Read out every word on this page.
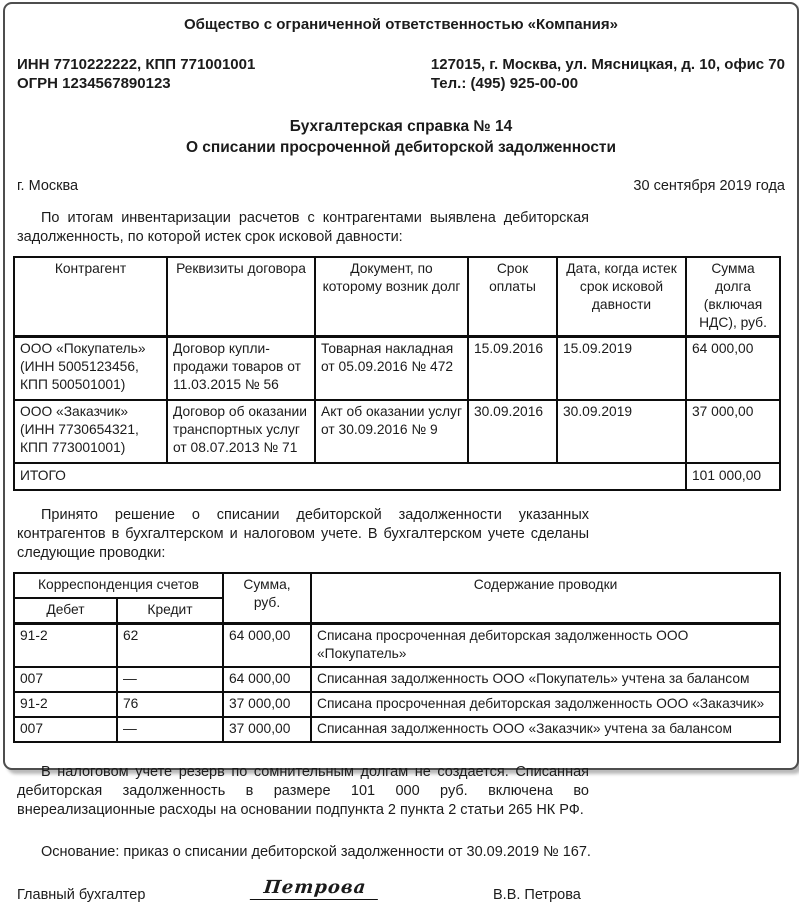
Общество с ограниченной ответственностью «Компания»
ИНН 7710222222, КПП 771001001
ОГРН 1234567890123
127015, г. Москва, ул. Мясницкая, д. 10, офис 70
Тел.: (495) 925-00-00
Бухгалтерская справка № 14
О списании просроченной дебиторской задолженности
г. Москва	30 сентября 2019 года

По итогам инвентаризации расчетов с контрагентами выявлена дебиторская задолженность, по которой истек срок исковой давности:

Контрагент	Реквизиты договора	Документ, по которому возник долг	Срок оплаты	Дата, когда истек срок исковой давности	Сумма долга (включая НДС), руб.
ООО «Покупатель» (ИНН 5005123456, КПП 500501001)	Договор купли-продажи товаров от 11.03.2015 № 56	Товарная накладная от 05.09.2016 № 472	15.09.2016	15.09.2019	64 000,00
ООО «Заказчик» (ИНН 7730654321, КПП 773001001)	Договор об оказании транспортных услуг от 08.07.2013 № 71	Акт об оказании услуг от 30.09.2016 № 9	30.09.2016	30.09.2019	37 000,00
ИТОГО					101 000,00

Принято решение о списании дебиторской задолженности указанных контрагентов в бухгалтерском и налоговом учете. В бухгалтерском учете сделаны следующие проводки:

Корреспонденция счетов		Сумма, руб.	Содержание проводки
Дебет	Кредит		
91-2	62	64 000,00	Списана просроченная дебиторская задолженность ООО «Покупатель»
007	—	64 000,00	Списанная задолженность ООО «Покупатель» учтена за балансом
91-2	76	37 000,00	Списана просроченная дебиторская задолженность ООО «Заказчик»
007	—	37 000,00	Списанная задолженность ООО «Заказчик» учтена за балансом

В налоговом учете резерв по сомнительным долгам не создается. Списанная дебиторская задолженность в размере 101 000 руб. включена во внереализационные расходы на основании подпункта 2 пункта 2 статьи 265 НК РФ.

Основание: приказ о списании дебиторской задолженности от 30.09.2019 № 167.

Главный бухгалтер	Петрова	В.В. Петрова
